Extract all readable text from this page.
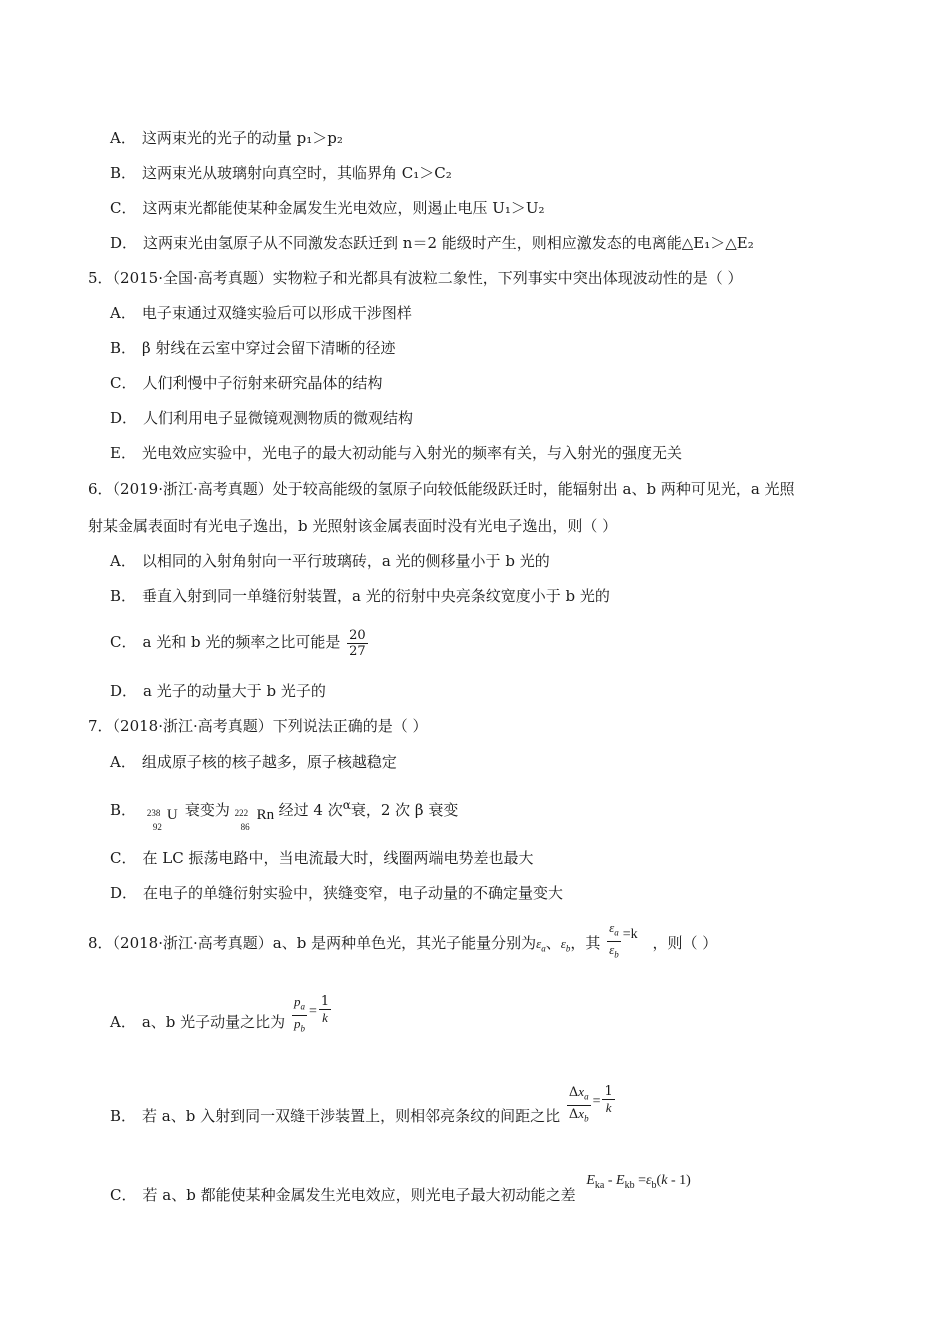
A． 这两束光的光子的动量 p₁＞p₂
B． 这两束光从玻璃射向真空时，其临界角 C₁＞C₂
C． 这两束光都能使某种金属发生光电效应，则遏止电压 U₁＞U₂
D． 这两束光由氢原子从不同激发态跃迁到 n＝2 能级时产生，则相应激发态的电离能△E₁＞△E₂
5．（2015·全国·高考真题）实物粒子和光都具有波粒二象性，下列事实中突出体现波动性的是（ ）
A． 电子束通过双缝实验后可以形成干涉图样
B． β 射线在云室中穿过会留下清晰的径迹
C． 人们利慢中子衍射来研究晶体的结构
D． 人们利用电子显微镜观测物质的微观结构
E． 光电效应实验中，光电子的最大初动能与入射光的频率有关，与入射光的强度无关
6．（2019·浙江·高考真题）处于较高能级的氢原子向较低能级跃迁时，能辐射出 a、b 两种可见光，a 光照
射某金属表面时有光电子逸出，b 光照射该金属表面时没有光电子逸出，则（ ）
A． 以相同的入射角射向一平行玻璃砖，a 光的侧移量小于 b 光的
B． 垂直入射到同一单缝衍射装置，a 光的衍射中央亮条纹宽度小于 b 光的
C． a 光和 b 光的频率之比可能是 $\frac{20}{27}$
D． a 光子的动量大于 b 光子的
7．（2018·浙江·高考真题）下列说法正确的是（ ）
A． 组成原子核的核子越多，原子核越稳定
B． 238
92
U 衰变为 222
86
Rn 经过 4 次$^\alpha$衰，2 次 β 衰变
C． 在 LC 振荡电路中，当电流最大时，线圈两端电势差也最大
D． 在电子的单缝衍射实验中，狭缝变窄，电子动量的不确定量变大
8．（2018·浙江·高考真题）a、b 是两种单色光，其光子能量分别为$\varepsilon_a$、$\varepsilon_b$，其 $\frac{\varepsilon_a}{\varepsilon_b} =k$ ，则（ ）
A． a、b 光子动量之比为 $\frac{p_a}{p_b} = \frac{1}{k}$
B． 若 a、b 入射到同一双缝干涉装置上，则相邻亮条纹的间距之比 $\frac{\Delta x_a}{\Delta x_b} = \frac{1}{k}$
C． 若 a、b 都能使某种金属发生光电效应，则光电子最大初动能之差 $E_{ka} - E_{kb} =\varepsilon_b(k - 1)$
